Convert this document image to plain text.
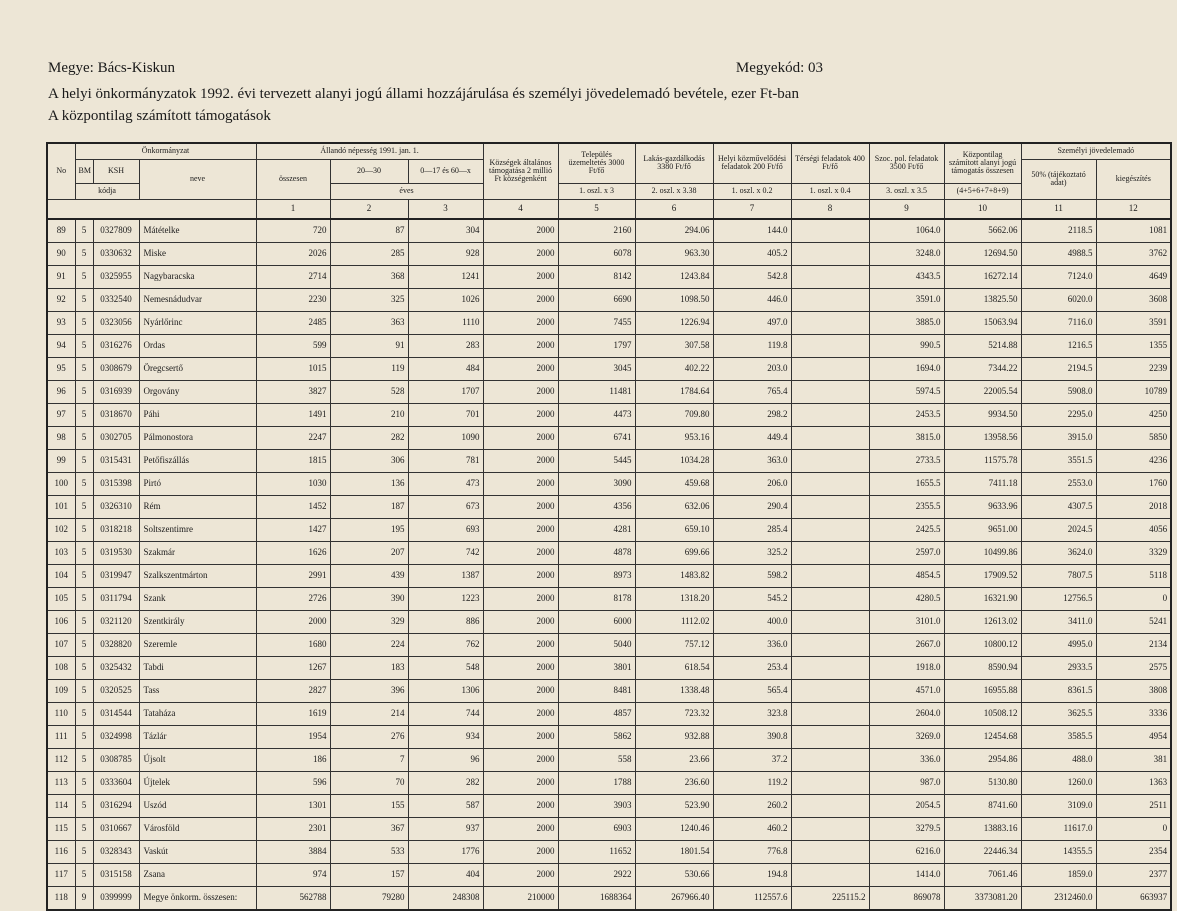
Megye: Bács-Kiskun	Megyekód: 03
A helyi önkormányzatok 1992. évi tervezett alanyi jogú állami hozzájárulása és személyi jövedelemadó bevétele, ezer Ft-ban
A központilag számított támogatások
No	Önkormányzat			Állandó népesség 1991. jan. 1.			Községek általános támogatása 2 millió Ft községenként	Település üzemeltetés 3000 Ft/fő	Lakás-gazdálkodás 3380 Ft/fő	Helyi közművelődési feladatok 200 Ft/fő	Térségi feladatok 400 Ft/fő	Szoc. pol. feladatok 3500 Ft/fő	Központilag számított alanyi jogú támogatás összesen	Személyi jövedelemadó	
	BM	KSH	neve	összesen	20—30	0—17 és 60—x								50% (tájékoztató adat)	kiegészítés
	kódja				éves			1. oszl. x 3	2. oszl. x 3.38	1. oszl. x 0.2	1. oszl. x 0.4	3. oszl. x 3.5	(4+5+6+7+8+9)		
				1	2	3	4	5	6	7	8	9	10	11	12
89	5	0327809	Mátételke	720	87	304	2000	2160	294.06	144.0		1064.0	5662.06	2118.5	1081
90	5	0330632	Miske	2026	285	928	2000	6078	963.30	405.2		3248.0	12694.50	4988.5	3762
91	5	0325955	Nagybaracska	2714	368	1241	2000	8142	1243.84	542.8		4343.5	16272.14	7124.0	4649
92	5	0332540	Nemesnádudvar	2230	325	1026	2000	6690	1098.50	446.0		3591.0	13825.50	6020.0	3608
93	5	0323056	Nyárlőrinc	2485	363	1110	2000	7455	1226.94	497.0		3885.0	15063.94	7116.0	3591
94	5	0316276	Ordas	599	91	283	2000	1797	307.58	119.8		990.5	5214.88	1216.5	1355
95	5	0308679	Öregcsertő	1015	119	484	2000	3045	402.22	203.0		1694.0	7344.22	2194.5	2239
96	5	0316939	Orgovány	3827	528	1707	2000	11481	1784.64	765.4		5974.5	22005.54	5908.0	10789
97	5	0318670	Páhi	1491	210	701	2000	4473	709.80	298.2		2453.5	9934.50	2295.0	4250
98	5	0302705	Pálmonostora	2247	282	1090	2000	6741	953.16	449.4		3815.0	13958.56	3915.0	5850
99	5	0315431	Petőfiszállás	1815	306	781	2000	5445	1034.28	363.0		2733.5	11575.78	3551.5	4236
100	5	0315398	Pirtó	1030	136	473	2000	3090	459.68	206.0		1655.5	7411.18	2553.0	1760
101	5	0326310	Rém	1452	187	673	2000	4356	632.06	290.4		2355.5	9633.96	4307.5	2018
102	5	0318218	Soltszentimre	1427	195	693	2000	4281	659.10	285.4		2425.5	9651.00	2024.5	4056
103	5	0319530	Szakmár	1626	207	742	2000	4878	699.66	325.2		2597.0	10499.86	3624.0	3329
104	5	0319947	Szalkszentmárton	2991	439	1387	2000	8973	1483.82	598.2		4854.5	17909.52	7807.5	5118
105	5	0311794	Szank	2726	390	1223	2000	8178	1318.20	545.2		4280.5	16321.90	12756.5	0
106	5	0321120	Szentkirály	2000	329	886	2000	6000	1112.02	400.0		3101.0	12613.02	3411.0	5241
107	5	0328820	Szeremle	1680	224	762	2000	5040	757.12	336.0		2667.0	10800.12	4995.0	2134
108	5	0325432	Tabdi	1267	183	548	2000	3801	618.54	253.4		1918.0	8590.94	2933.5	2575
109	5	0320525	Tass	2827	396	1306	2000	8481	1338.48	565.4		4571.0	16955.88	8361.5	3808
110	5	0314544	Tataháza	1619	214	744	2000	4857	723.32	323.8		2604.0	10508.12	3625.5	3336
111	5	0324998	Tázlár	1954	276	934	2000	5862	932.88	390.8		3269.0	12454.68	3585.5	4954
112	5	0308785	Újsolt	186	7	96	2000	558	23.66	37.2		336.0	2954.86	488.0	381
113	5	0333604	Újtelek	596	70	282	2000	1788	236.60	119.2		987.0	5130.80	1260.0	1363
114	5	0316294	Uszód	1301	155	587	2000	3903	523.90	260.2		2054.5	8741.60	3109.0	2511
115	5	0310667	Városföld	2301	367	937	2000	6903	1240.46	460.2		3279.5	13883.16	11617.0	0
116	5	0328343	Vaskút	3884	533	1776	2000	11652	1801.54	776.8		6216.0	22446.34	14355.5	2354
117	5	0315158	Zsana	974	157	404	2000	2922	530.66	194.8		1414.0	7061.46	1859.0	2377
118	9	0399999	Megye önkorm. összesen:	562788	79280	248308	210000	1688364	267966.40	112557.6	225115.2	869078	3373081.20	2312460.0	663937
